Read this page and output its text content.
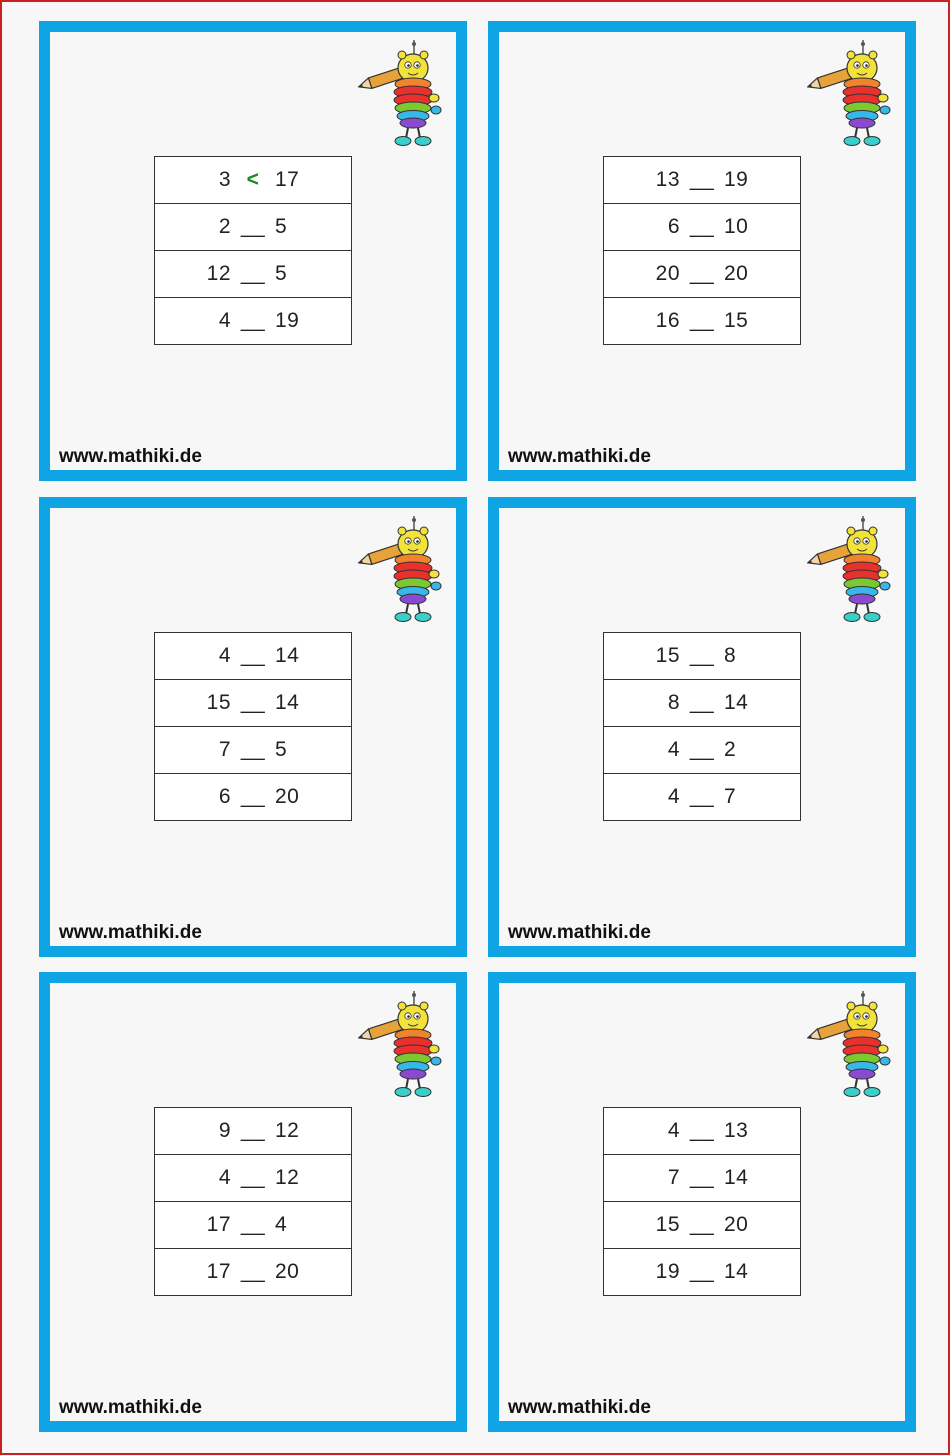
3 < 17
2 __ 5
12 __ 5
4 __ 19
www.mathiki.de
13 __ 19
6 __ 10
20 __ 20
16 __ 15
www.mathiki.de
4 __ 14
15 __ 14
7 __ 5
6 __ 20
www.mathiki.de
15 __ 8
8 __ 14
4 __ 2
4 __ 7
www.mathiki.de
9 __ 12
4 __ 12
17 __ 4
17 __ 20
www.mathiki.de
4 __ 13
7 __ 14
15 __ 20
19 __ 14
www.mathiki.de
